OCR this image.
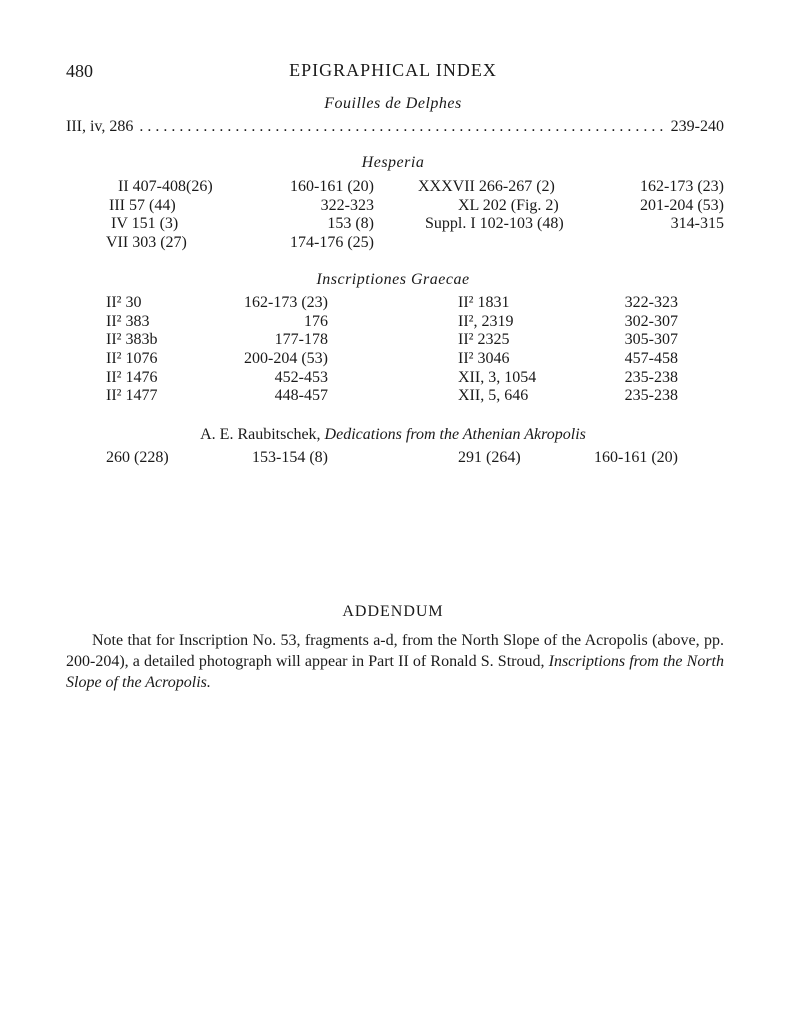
480	EPIGRAPHICAL INDEX
Fouilles de Delphes
III, iv, 286
. . .	239-240
Hesperia
II 407-408(26)	160-161 (20)
III 57 (44)	322-323
IV 151 (3)	153 (8)
VII 303 (27)	174-176 (25)
XXXVII 266-267 (2)	162-173 (23)
XL 202 (Fig. 2)	201-204 (53)
Suppl. I 102-103 (48)	314-315
Inscriptiones Graecae
II² 30	162-173 (23)
II² 383	176
II² 383b	177-178
II² 1076	200-204 (53)
II² 1476	452-453
II² 1477	448-457
II² 1831	322-323
II², 2319	302-307
II² 2325	305-307
II² 3046	457-458
XII, 3, 1054	235-238
XII, 5, 646	235-238
A. E. Raubitschek, Dedications from the Athenian Akropolis
260 (228)	153-154 (8)	291 (264)	160-161 (20)
ADDENDUM
Note that for Inscription No. 53, fragments a-d, from the North Slope of the Acropolis (above, pp. 200-204), a detailed photograph will appear in Part II of Ronald S. Stroud, Inscriptions from the North Slope of the Acropolis.
